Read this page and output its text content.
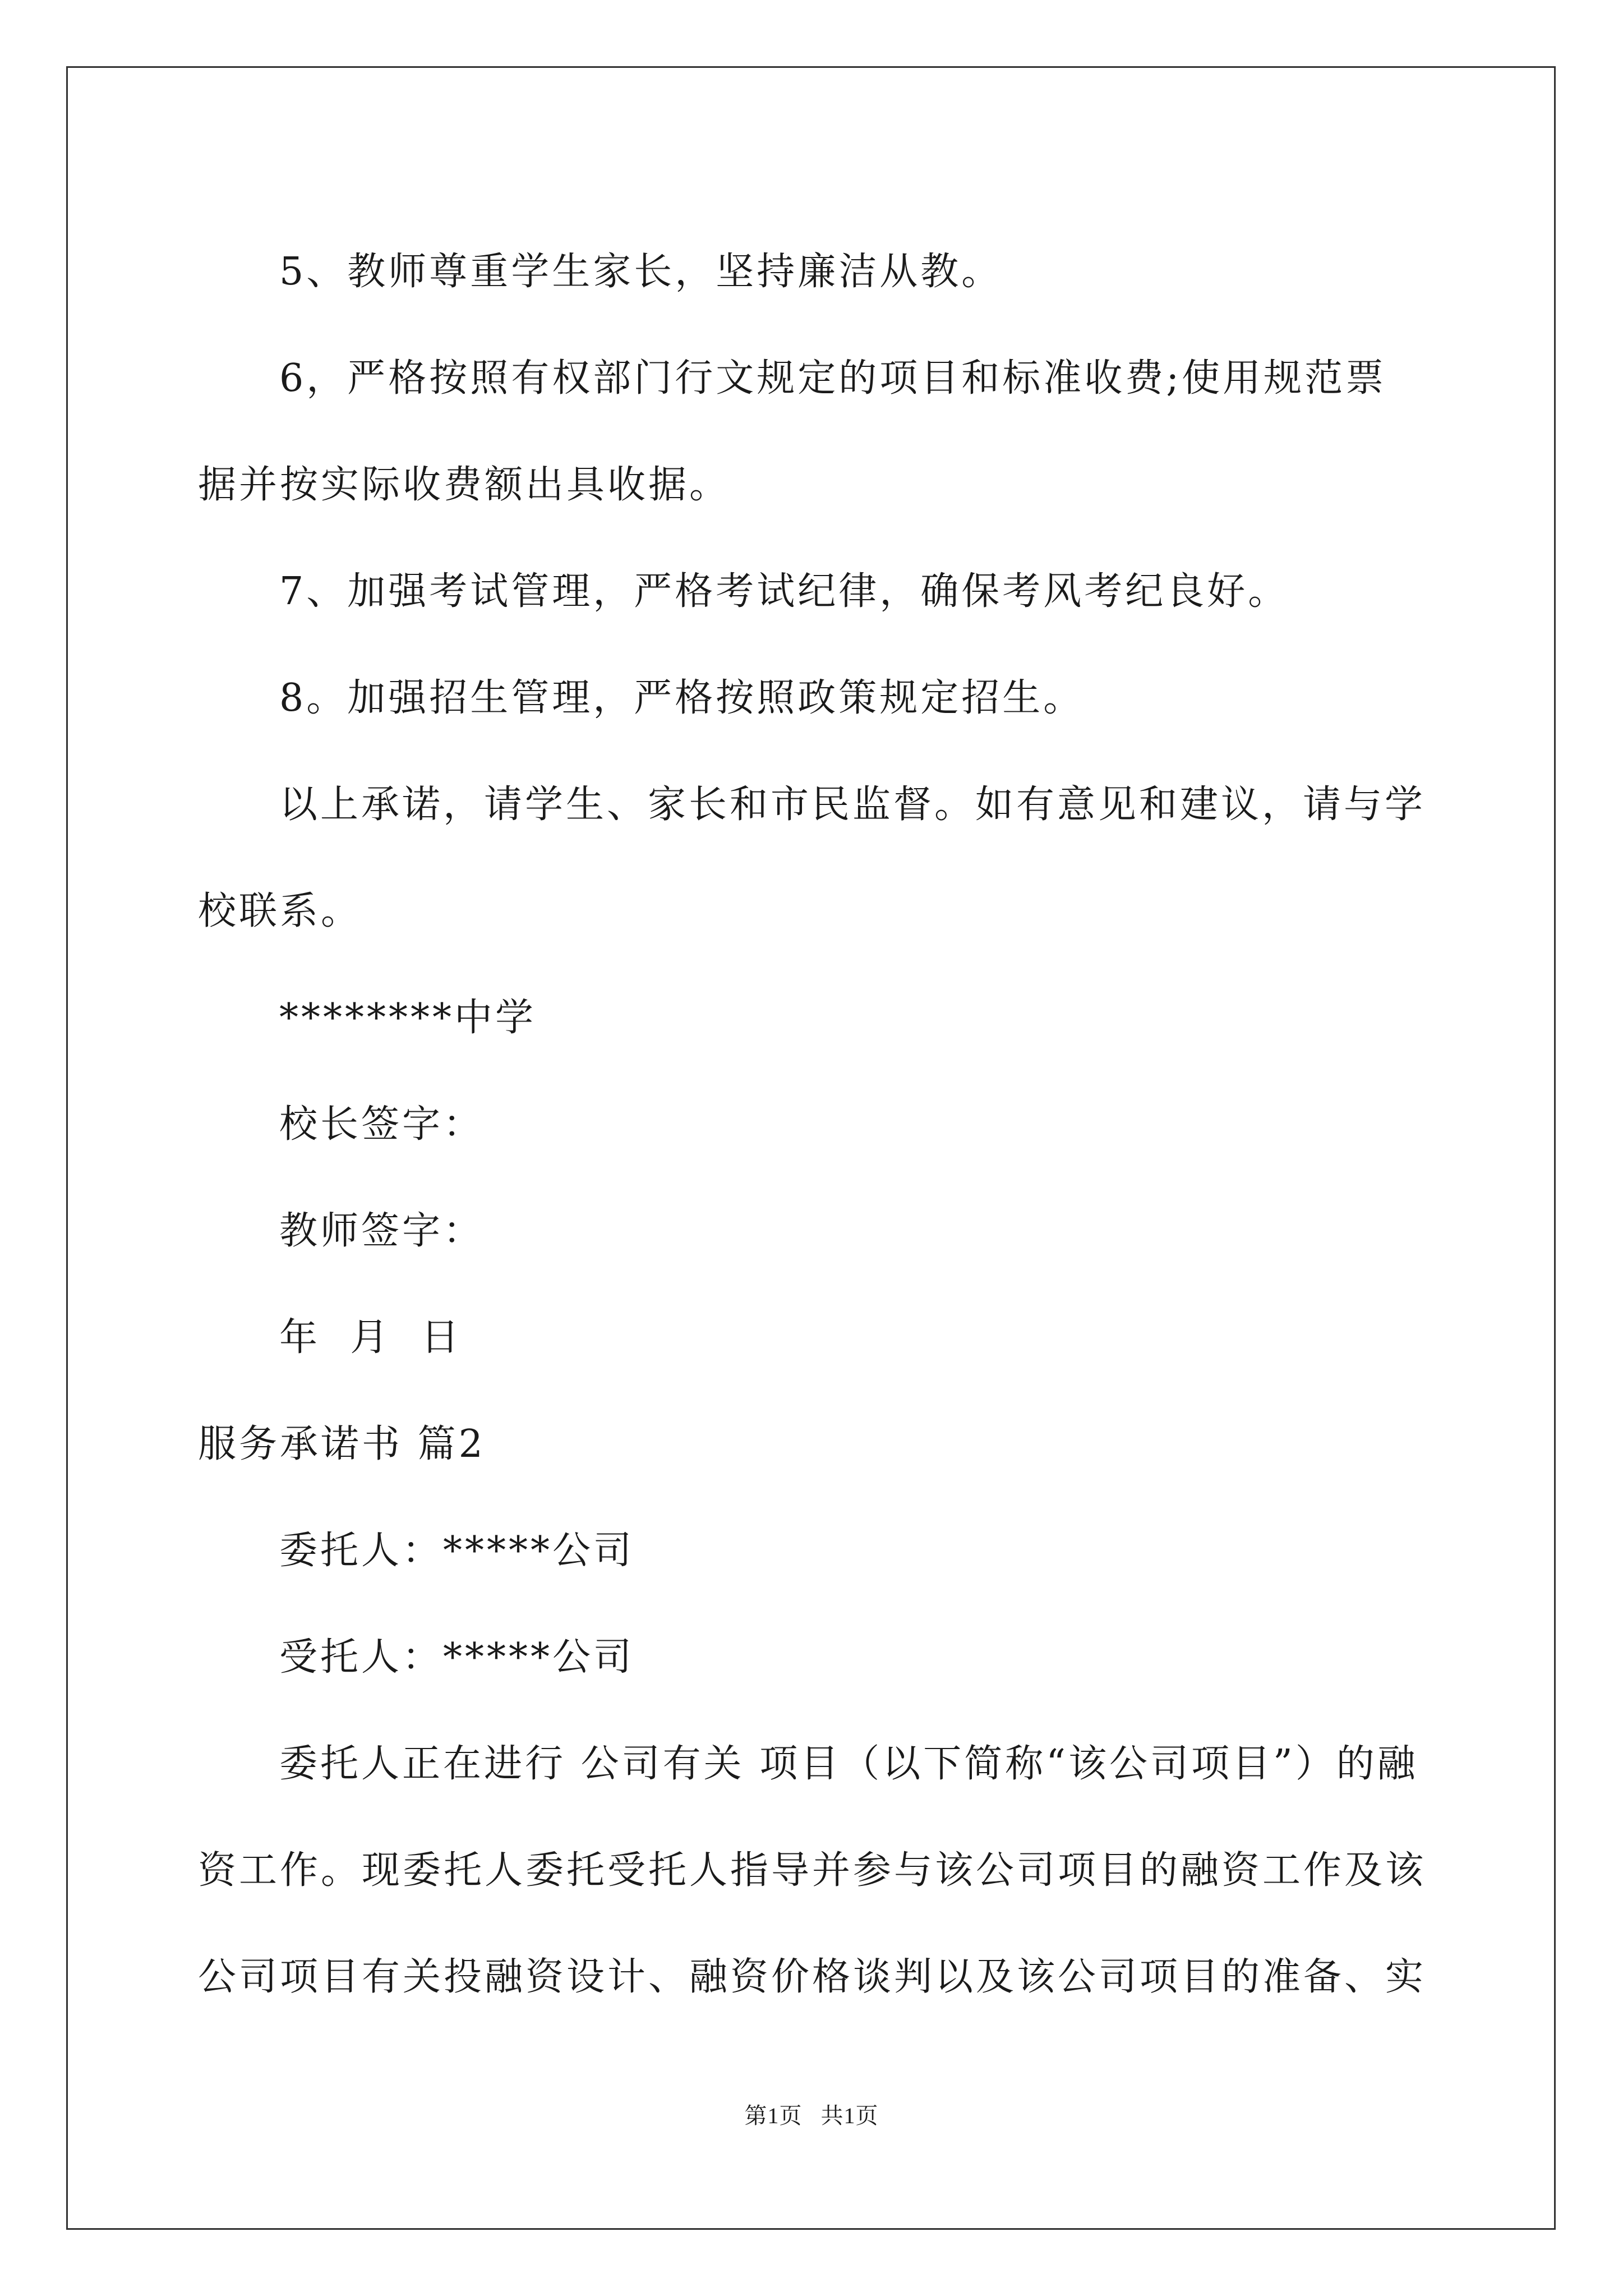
5、教师尊重学生家长，坚持廉洁从教。

6，严格按照有权部门行文规定的项目和标准收费;使用规范票据并按实际收费额出具收据。

7、加强考试管理，严格考试纪律，确保考风考纪良好。

8。加强招生管理，严格按照政策规定招生。

以上承诺，请学生、家长和市民监督。如有意见和建议，请与学校联系。

********中学

校长签字：

教师签字：

年  月  日

服务承诺书 篇2

委托人：*****公司

受托人：*****公司

委托人正在进行 公司有关 项目（以下简称“该公司项目”）的融资工作。现委托人委托受托人指导并参与该公司项目的融资工作及该公司项目有关投融资设计、融资价格谈判以及该公司项目的准备、实

第1页   共1页
